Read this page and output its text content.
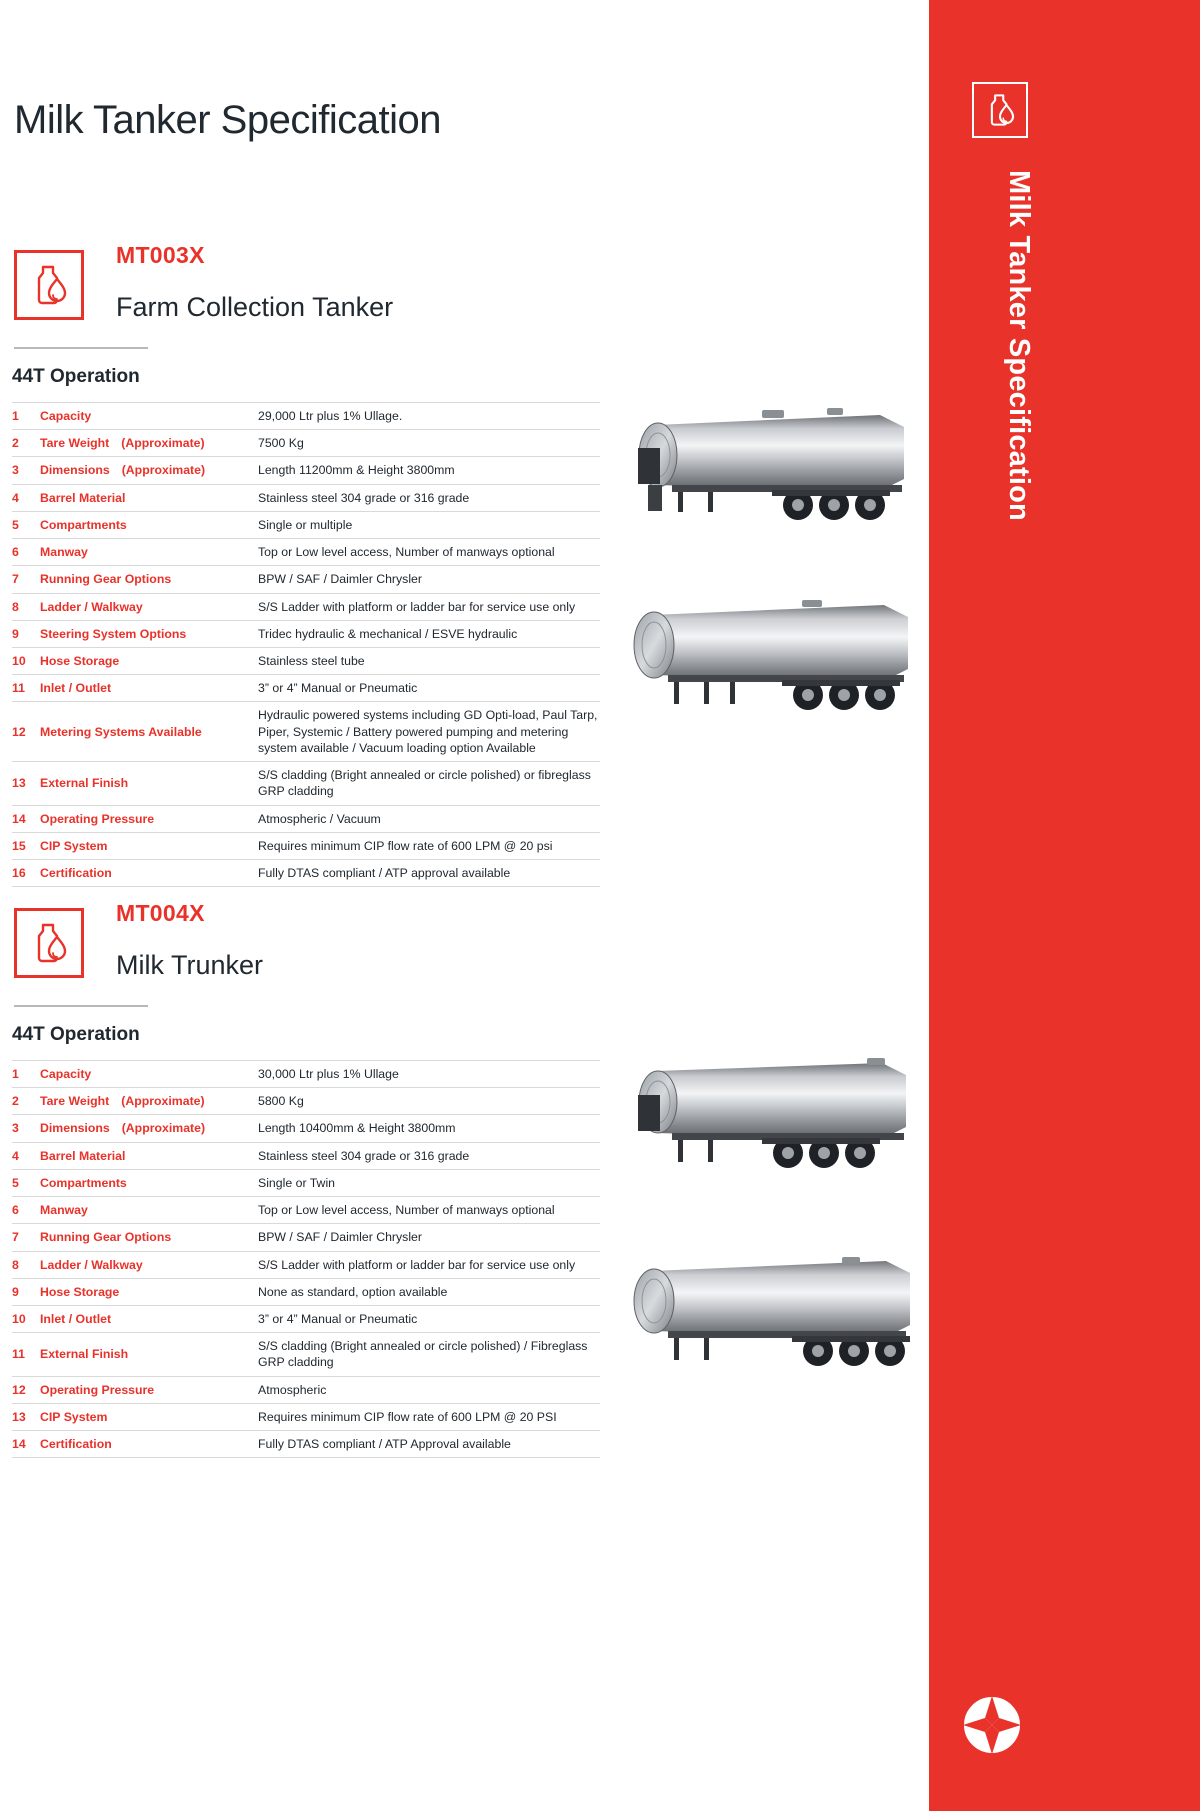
Milk Tanker Specification
MT003X
Farm Collection Tanker
44T Operation
1	Capacity	29,000 Ltr plus 1% Ullage.
2	Tare Weight (Approximate)	7500 Kg
3	Dimensions (Approximate)	Length 11200mm & Height 3800mm
4	Barrel Material	Stainless steel 304 grade or 316 grade
5	Compartments	Single or multiple
6	Manway	Top or Low level access, Number of manways optional
7	Running Gear Options	BPW / SAF / Daimler Chrysler
8	Ladder / Walkway	S/S Ladder with platform or ladder bar for service use only
9	Steering System Options	Tridec hydraulic & mechanical / ESVE hydraulic
10	Hose Storage	Stainless steel tube
11	Inlet / Outlet	3” or 4” Manual or Pneumatic
12	Metering Systems Available	Hydraulic powered systems including GD Opti-load, Paul Tarp, Piper, Systemic / Battery powered pumping and metering system available / Vacuum loading option Available
13	External Finish	S/S cladding (Bright annealed or circle polished) or fibreglass GRP cladding
14	Operating Pressure	Atmospheric / Vacuum
15	CIP System	Requires minimum CIP flow rate of 600 LPM @ 20 psi
16	Certification	Fully DTAS compliant / ATP approval available
MT004X
Milk Trunker
44T Operation
1	Capacity	30,000 Ltr plus 1% Ullage
2	Tare Weight (Approximate)	5800 Kg
3	Dimensions (Approximate)	Length 10400mm & Height 3800mm
4	Barrel Material	Stainless steel 304 grade or 316 grade
5	Compartments	Single or Twin
6	Manway	Top or Low level access, Number of manways optional
7	Running Gear Options	BPW / SAF / Daimler Chrysler
8	Ladder / Walkway	S/S Ladder with platform or ladder bar for service use only
9	Hose Storage	None as standard, option available
10	Inlet / Outlet	3” or 4” Manual or Pneumatic
11	External Finish	S/S cladding (Bright annealed or circle polished) / Fibreglass GRP cladding
12	Operating Pressure	Atmospheric
13	CIP System	Requires minimum CIP flow rate of 600 LPM @ 20 PSI
14	Certification	Fully DTAS compliant / ATP Approval available
Milk Tanker Specification
